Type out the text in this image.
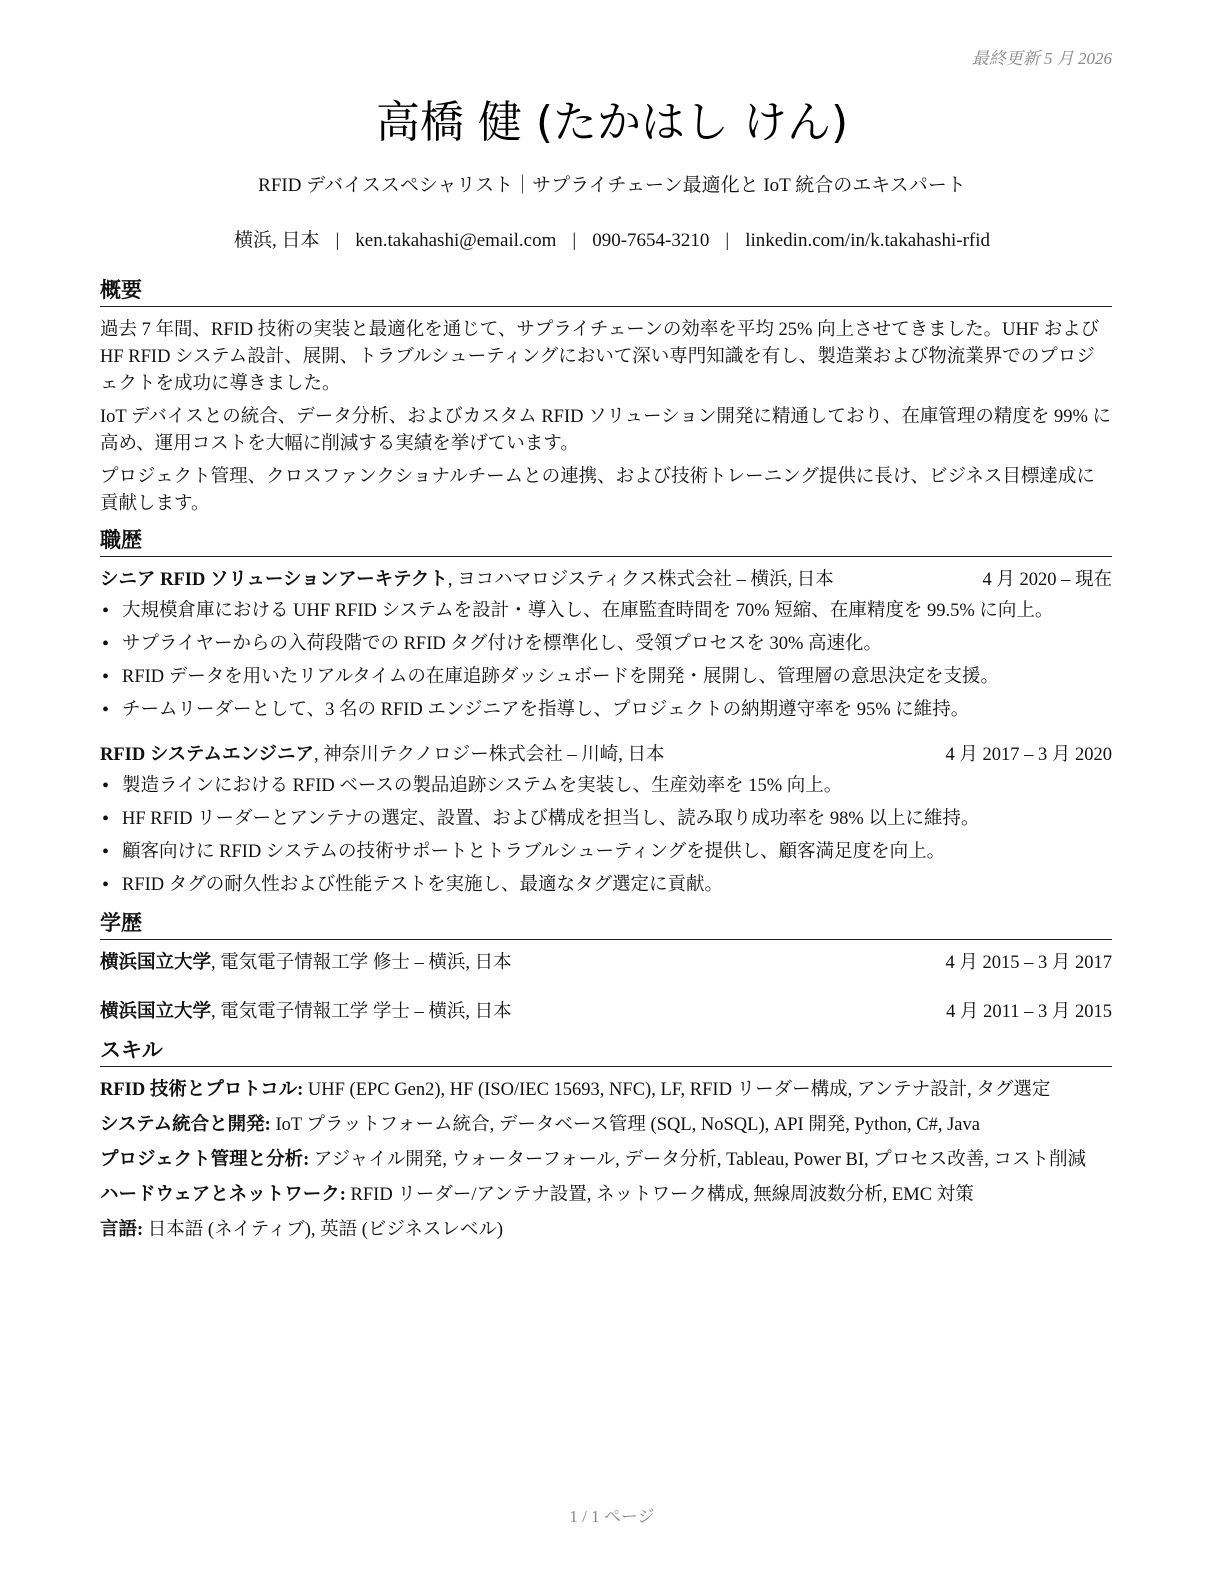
最終更新 5 月 2026
高橋 健 (たかはし けん)
RFID デバイススペシャリスト｜サプライチェーン最適化と IoT 統合のエキスパート
横浜, 日本 | ken.takahashi@email.com | 090-7654-3210 | linkedin.com/in/k.takahashi-rfid
概要

過去 7 年間、RFID 技術の実装と最適化を通じて、サプライチェーンの効率を平均 25% 向上させてきました。UHF および HF RFID システム設計、展開、トラブルシューティングにおいて深い専門知識を有し、製造業および物流業界でのプロジェクトを成功に導きました。

IoT デバイスとの統合、データ分析、およびカスタム RFID ソリューション開発に精通しており、在庫管理の精度を 99% に高め、運用コストを大幅に削減する実績を挙げています。

プロジェクト管理、クロスファンクショナルチームとの連携、および技術トレーニング提供に長け、ビジネス目標達成に貢献します。

職歴
シニア RFID ソリューションアーキテクト, ヨコハマロジスティクス株式会社 – 横浜, 日本	4 月 2020 – 現在
• 大規模倉庫における UHF RFID システムを設計・導入し、在庫監査時間を 70% 短縮、在庫精度を 99.5% に向上。
• サプライヤーからの入荷段階での RFID タグ付けを標準化し、受領プロセスを 30% 高速化。
• RFID データを用いたリアルタイムの在庫追跡ダッシュボードを開発・展開し、管理層の意思決定を支援。
• チームリーダーとして、3 名の RFID エンジニアを指導し、プロジェクトの納期遵守率を 95% に維持。
RFID システムエンジニア, 神奈川テクノロジー株式会社 – 川崎, 日本	4 月 2017 – 3 月 2020
• 製造ラインにおける RFID ベースの製品追跡システムを実装し、生産効率を 15% 向上。
• HF RFID リーダーとアンテナの選定、設置、および構成を担当し、読み取り成功率を 98% 以上に維持。
• 顧客向けに RFID システムの技術サポートとトラブルシューティングを提供し、顧客満足度を向上。
• RFID タグの耐久性および性能テストを実施し、最適なタグ選定に貢献。
学歴
横浜国立大学, 電気電子情報工学 修士 – 横浜, 日本	4 月 2015 – 3 月 2017
横浜国立大学, 電気電子情報工学 学士 – 横浜, 日本	4 月 2011 – 3 月 2015
スキル
RFID 技術とプロトコル: UHF (EPC Gen2), HF (ISO/IEC 15693, NFC), LF, RFID リーダー構成, アンテナ設計, タグ選定
システム統合と開発: IoT プラットフォーム統合, データベース管理 (SQL, NoSQL), API 開発, Python, C#, Java
プロジェクト管理と分析: アジャイル開発, ウォーターフォール, データ分析, Tableau, Power BI, プロセス改善, コスト削減
ハードウェアとネットワーク: RFID リーダー/アンテナ設置, ネットワーク構成, 無線周波数分析, EMC 対策
言語: 日本語 (ネイティブ), 英語 (ビジネスレベル)
1 / 1 ページ
